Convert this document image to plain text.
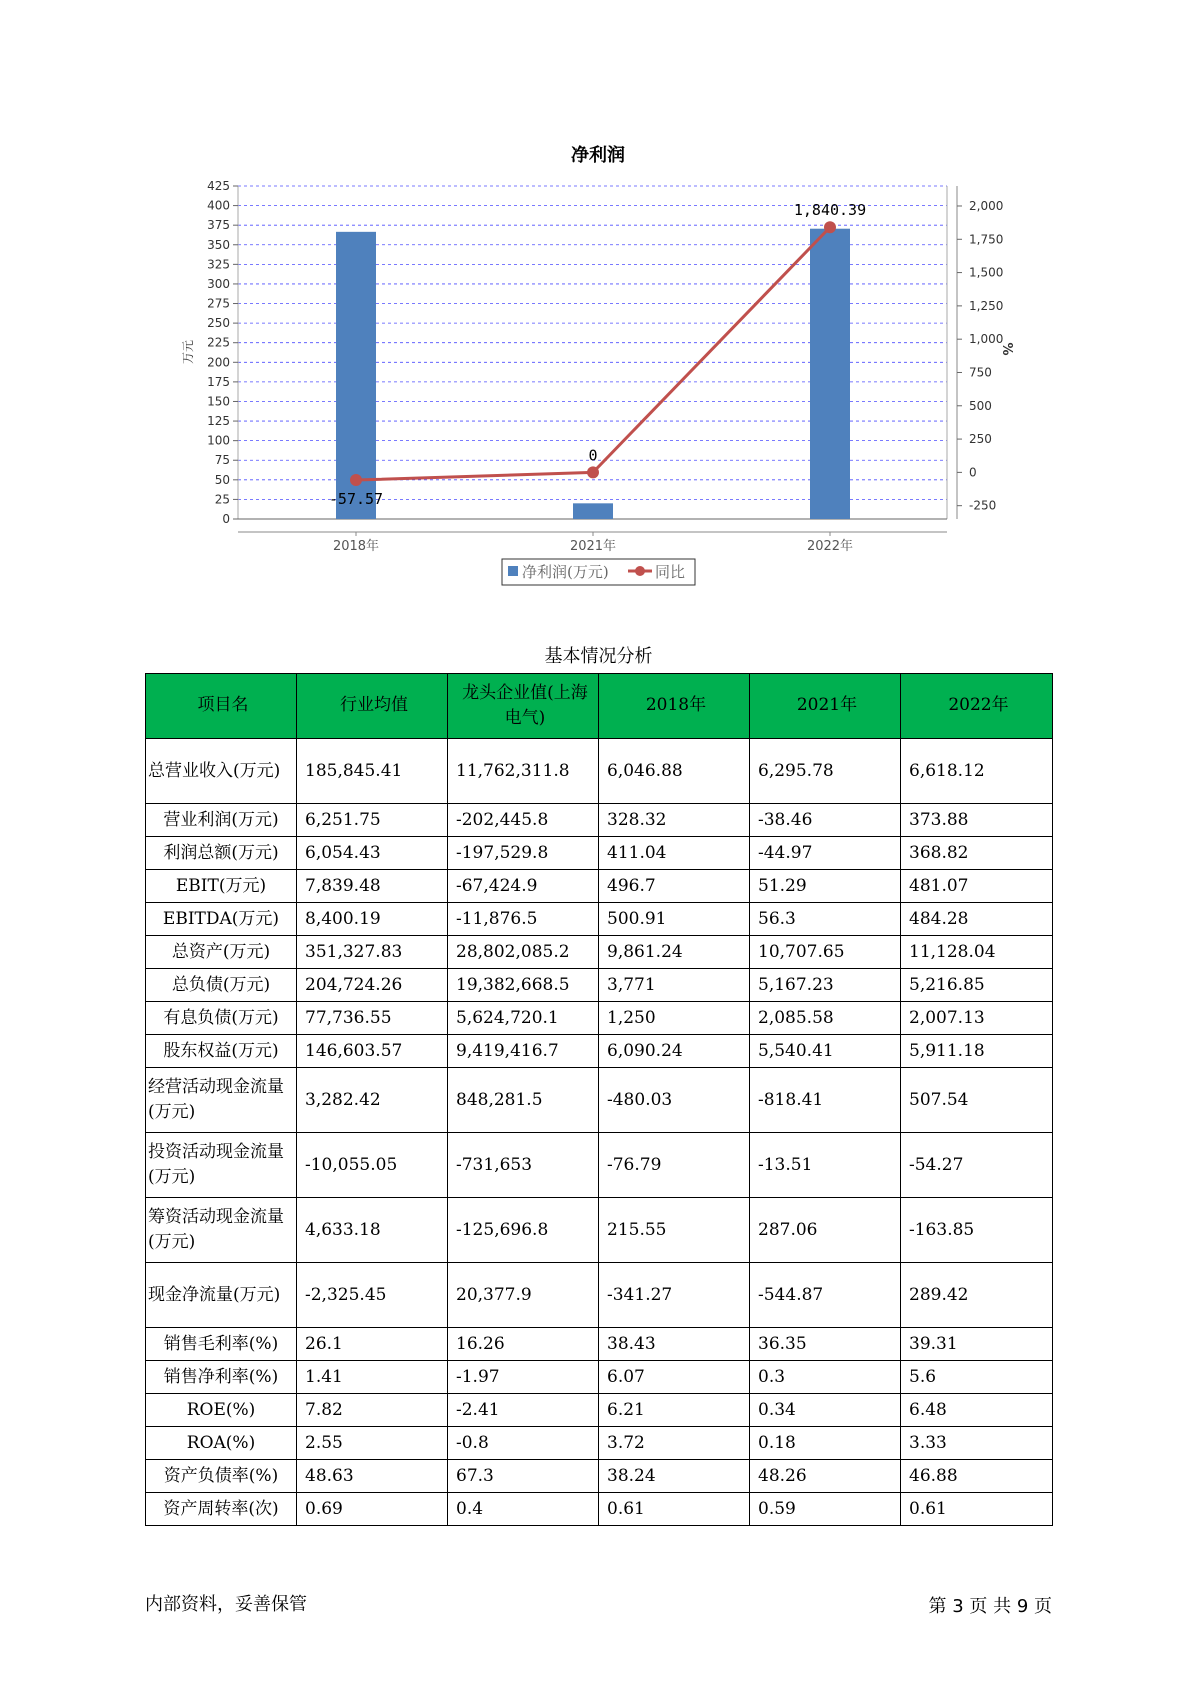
净利润
0
25
50
75
100
125
150
175
200
225
250
275
300
325
350
375
400
425
-250
0
250
500
750
1,000
1,250
1,500
1,750
2,000
-57.57
0
1,840.39
2018年	2021年	2022年
万元	%
净利润(万元)	同比
基本情况分析
项目名	行业均值	龙头企业值(上海电气)	2018年	2021年	2022年
总营业收入(万元)	185,845.41	11,762,311.8	6,046.88	6,295.78	6,618.12
营业利润(万元)	6,251.75	-202,445.8	328.32	-38.46	373.88
利润总额(万元)	6,054.43	-197,529.8	411.04	-44.97	368.82
EBIT(万元)	7,839.48	-67,424.9	496.7	51.29	481.07
EBITDA(万元)	8,400.19	-11,876.5	500.91	56.3	484.28
总资产(万元)	351,327.83	28,802,085.2	9,861.24	10,707.65	11,128.04
总负债(万元)	204,724.26	19,382,668.5	3,771	5,167.23	5,216.85
有息负债(万元)	77,736.55	5,624,720.1	1,250	2,085.58	2,007.13
股东权益(万元)	146,603.57	9,419,416.7	6,090.24	5,540.41	5,911.18
经营活动现金流量(万元)	3,282.42	848,281.5	-480.03	-818.41	507.54
投资活动现金流量(万元)	-10,055.05	-731,653	-76.79	-13.51	-54.27
筹资活动现金流量(万元)	4,633.18	-125,696.8	215.55	287.06	-163.85
现金净流量(万元)	-2,325.45	20,377.9	-341.27	-544.87	289.42
销售毛利率(%)	26.1	16.26	38.43	36.35	39.31
销售净利率(%)	1.41	-1.97	6.07	0.3	5.6
ROE(%)	7.82	-2.41	6.21	0.34	6.48
ROA(%)	2.55	-0.8	3.72	0.18	3.33
资产负债率(%)	48.63	67.3	38.24	48.26	46.88
资产周转率(次)	0.69	0.4	0.61	0.59	0.61
内部资料，妥善保管	第 3 页 共 9 页
